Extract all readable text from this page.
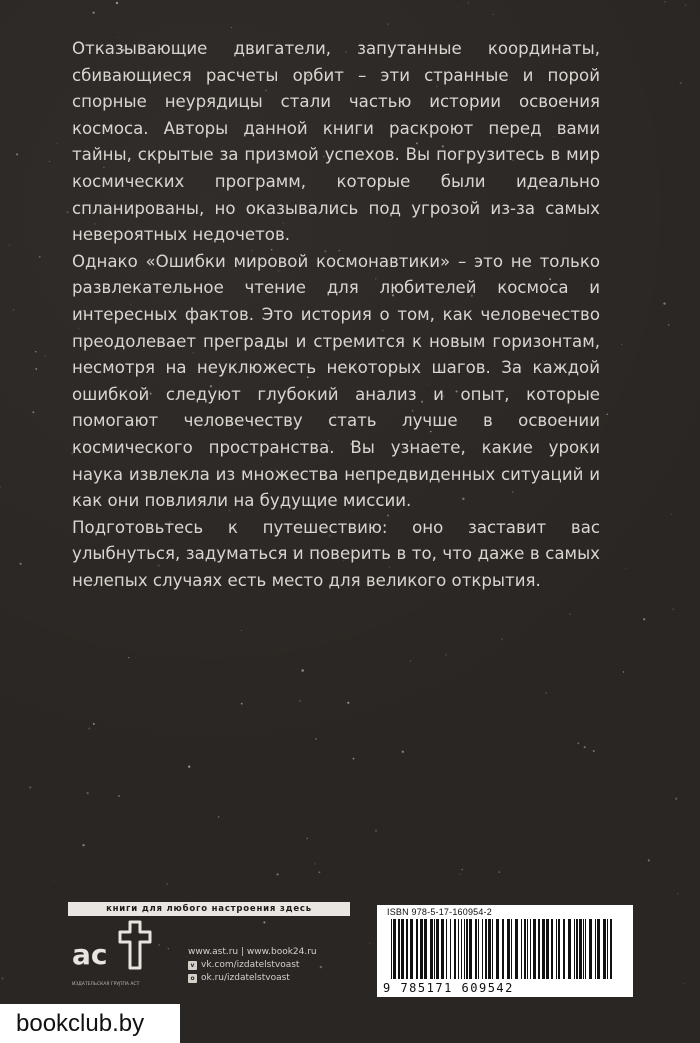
Отказывающие двигатели, запутанные координаты, сбивающиеся расчеты орбит – эти странные и порой спорные неурядицы стали частью истории освоения космоса. Авторы данной книги раскроют перед вами тайны, скрытые за призмой успехов. Вы погрузитесь в мир космических программ, которые были идеально спланированы, но оказывались под угрозой из-за самых невероятных недочетов.

Однако «Ошибки мировой космонавтики» – это не только развлекательное чтение для любителей космоса и интересных фактов. Это история о том, как человечество преодолевает преграды и стремится к новым горизонтам, несмотря на неуклюжесть некоторых шагов. За каждой ошибкой следуют глубокий анализ и опыт, которые помогают человечеству стать лучше в освоении космического пространства. Вы узнаете, какие уроки наука извлекла из множества непредвиденных ситуаций и как они повлияли на будущие миссии.

Подготовьтесь к путешествию: оно заставит вас улыбнуться, задуматься и поверить в то, что даже в самых нелепых случаях есть место для великого открытия.

книги для любого настроения здесь
ас
ИЗДАТЕЛЬСКАЯ ГРУППА АСТ
www.ast.ru | www.book24.ru
v vk.com/izdatelstvoast
o ok.ru/izdatelstvoast
ISBN 978-5-17-160954-2
9 785171 609542
bookclub.by
